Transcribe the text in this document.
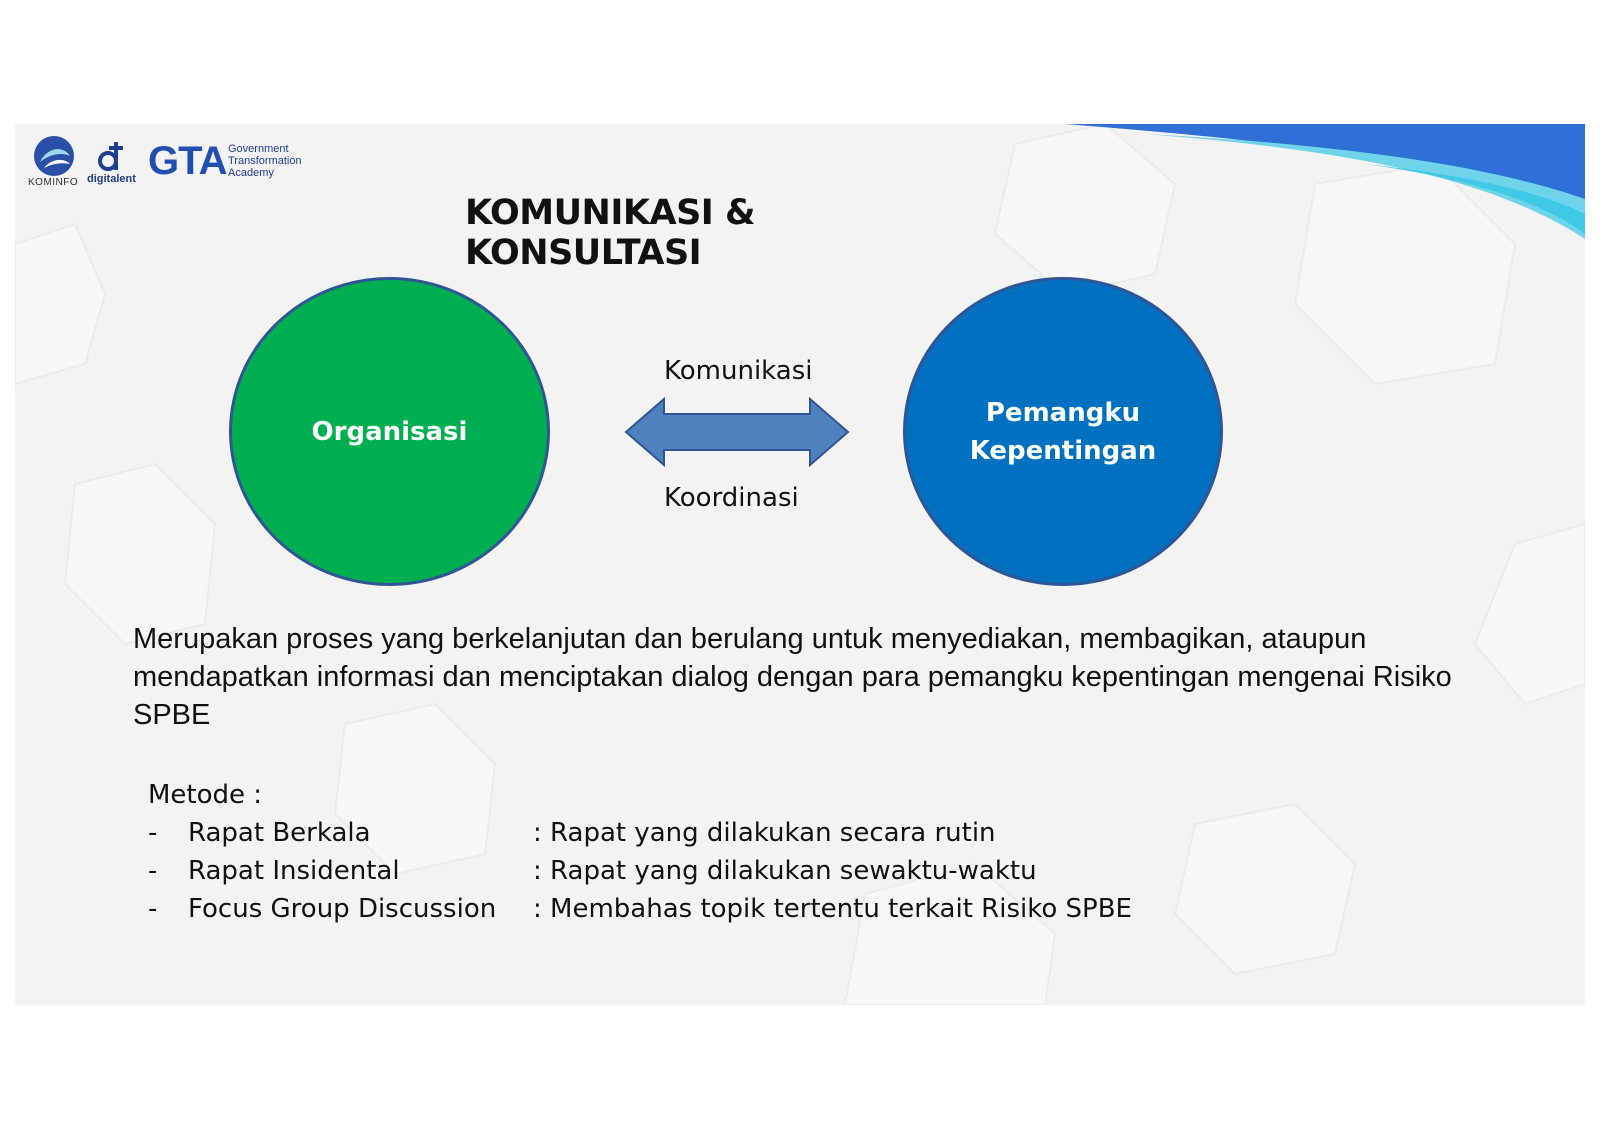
KOMINFO digitalent GTA Government
Transformation
Academy
KOMUNIKASI & KONSULTASI
Organisasi
Pemangku
Kepentingan
Komunikasi
Koordinasi
Merupakan proses yang berkelanjutan dan berulang untuk menyediakan, membagikan, ataupun mendapatkan informasi dan menciptakan dialog dengan para pemangku kepentingan mengenai Risiko SPBE
Metode :
- Rapat Berkala	: Rapat yang dilakukan secara rutin
- Rapat Insidental	: Rapat yang dilakukan sewaktu-waktu
- Focus Group Discussion : Membahas topik tertentu terkait Risiko SPBE
